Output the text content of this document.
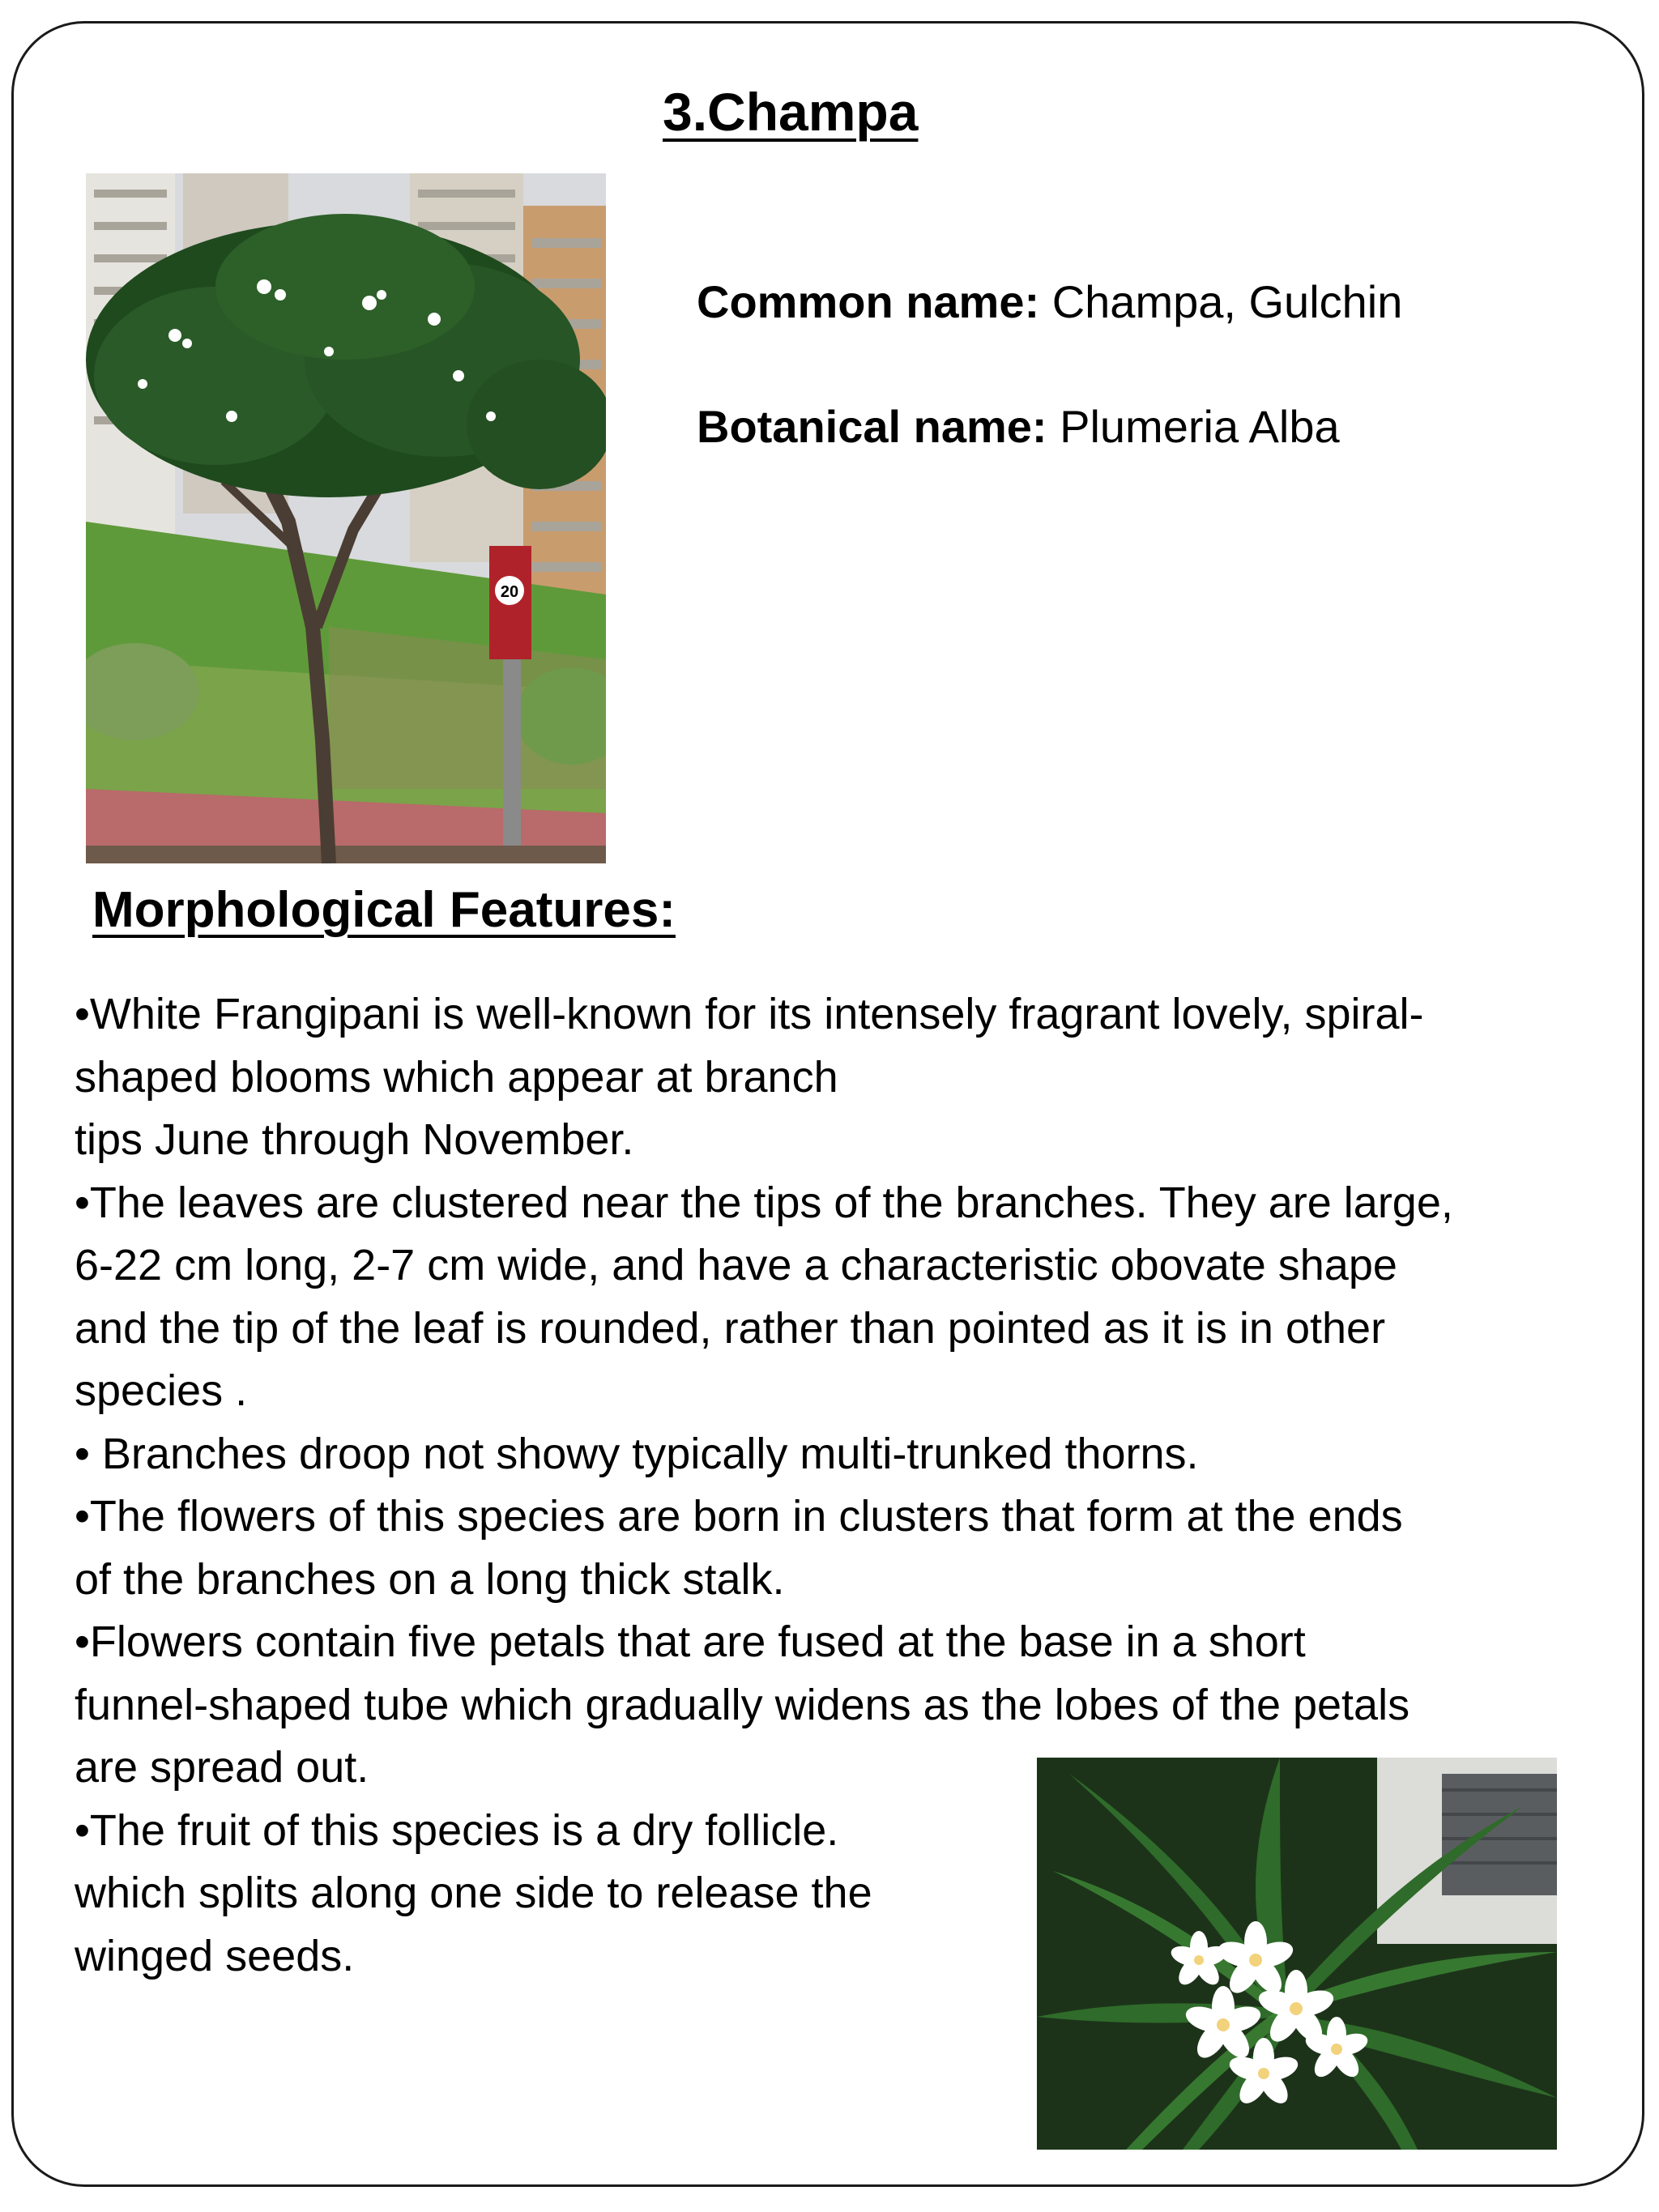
3.Champa
Common name: Champa, Gulchin
Botanical name: Plumeria Alba
20
Morphological Features:
•White Frangipani is well-known for its intensely fragrant lovely, spiral-
shaped blooms which appear at branch
tips June through November.
•The leaves are clustered near the tips of the branches. They are large,
6-22 cm long, 2-7 cm wide, and have a characteristic obovate shape
and the tip of the leaf is rounded, rather than pointed as it is in other
species .
• Branches droop not showy typically multi-trunked thorns.
•The flowers of this species are born in clusters that form at the ends
of the branches on a long thick stalk.
•Flowers contain five petals that are fused at the base in a short
funnel-shaped tube which gradually widens as the lobes of the petals
are spread out.
•The fruit of this species is a dry follicle.
which splits along one side to release the
winged seeds.
